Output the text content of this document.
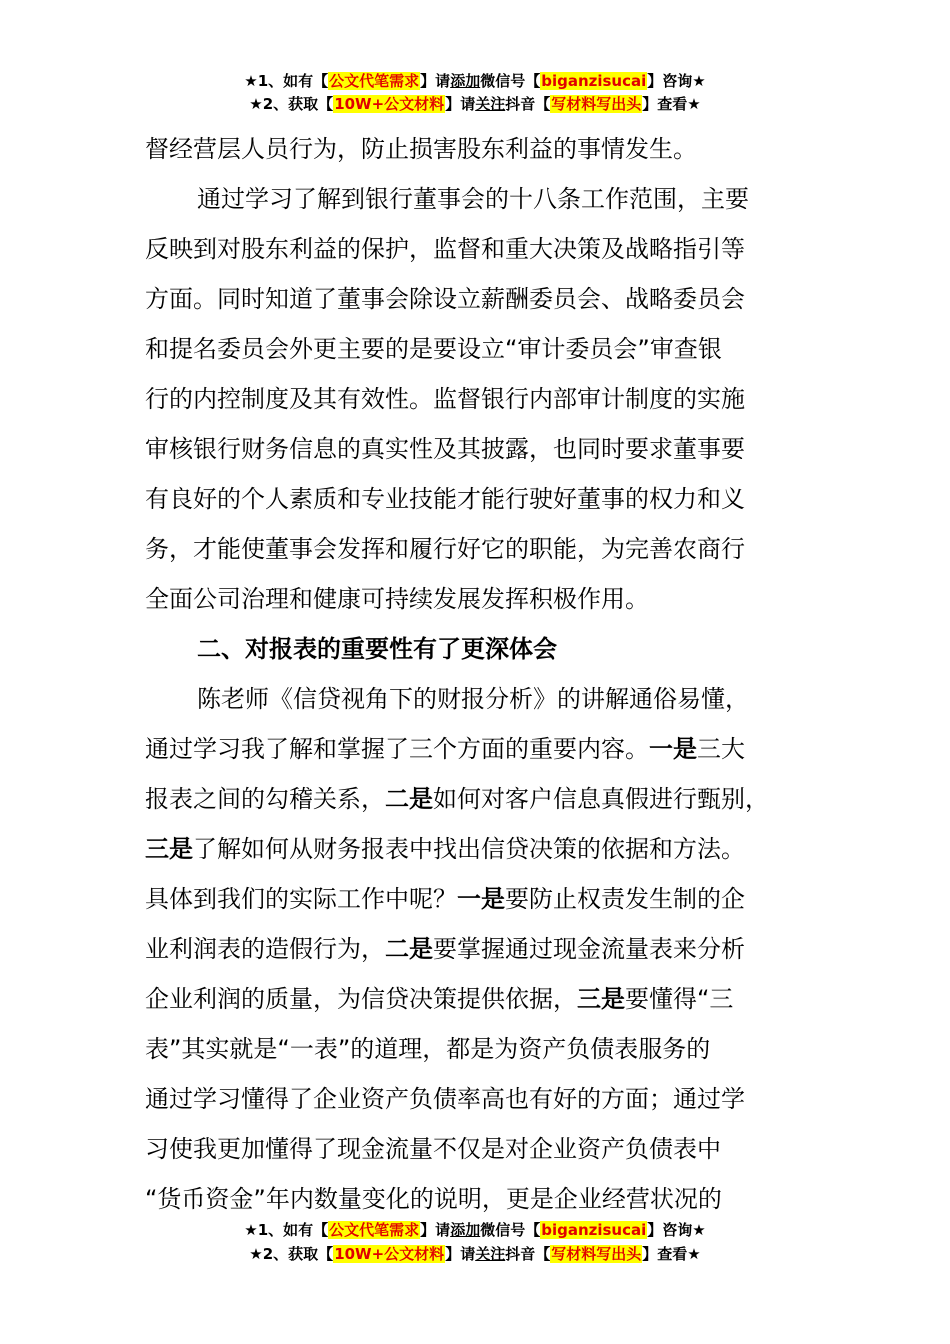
★1、如有【公文代笔需求】请添加微信号【biganzisucai】咨询★
★2、获取【10W+公文材料】请关注抖音【写材料写出头】查看★
督经营层人员行为，防止损害股东利益的事情发生。
通过学习了解到银行董事会的十八条工作范围，主要
反映到对股东利益的保护，监督和重大决策及战略指引等
方面。同时知道了董事会除设立薪酬委员会、战略委员会
和提名委员会外更主要的是要设立“审计委员会”审查银
行的内控制度及其有效性。监督银行内部审计制度的实施
审核银行财务信息的真实性及其披露，也同时要求董事要
有良好的个人素质和专业技能才能行驶好董事的权力和义
务，才能使董事会发挥和履行好它的职能，为完善农商行
全面公司治理和健康可持续发展发挥积极作用。
二、对报表的重要性有了更深体会
陈老师《信贷视角下的财报分析》的讲解通俗易懂，
通过学习我了解和掌握了三个方面的重要内容。一是三大
报表之间的勾稽关系，二是如何对客户信息真假进行甄别，
三是了解如何从财务报表中找出信贷决策的依据和方法。
具体到我们的实际工作中呢？一是要防止权责发生制的企
业利润表的造假行为，二是要掌握通过现金流量表来分析
企业利润的质量，为信贷决策提供依据，三是要懂得“三
表”其实就是“一表”的道理，都是为资产负债表服务的
通过学习懂得了企业资产负债率高也有好的方面；通过学
习使我更加懂得了现金流量不仅是对企业资产负债表中
“货币资金”年内数量变化的说明，更是企业经营状况的
★1、如有【公文代笔需求】请添加微信号【biganzisucai】咨询★
★2、获取【10W+公文材料】请关注抖音【写材料写出头】查看★
